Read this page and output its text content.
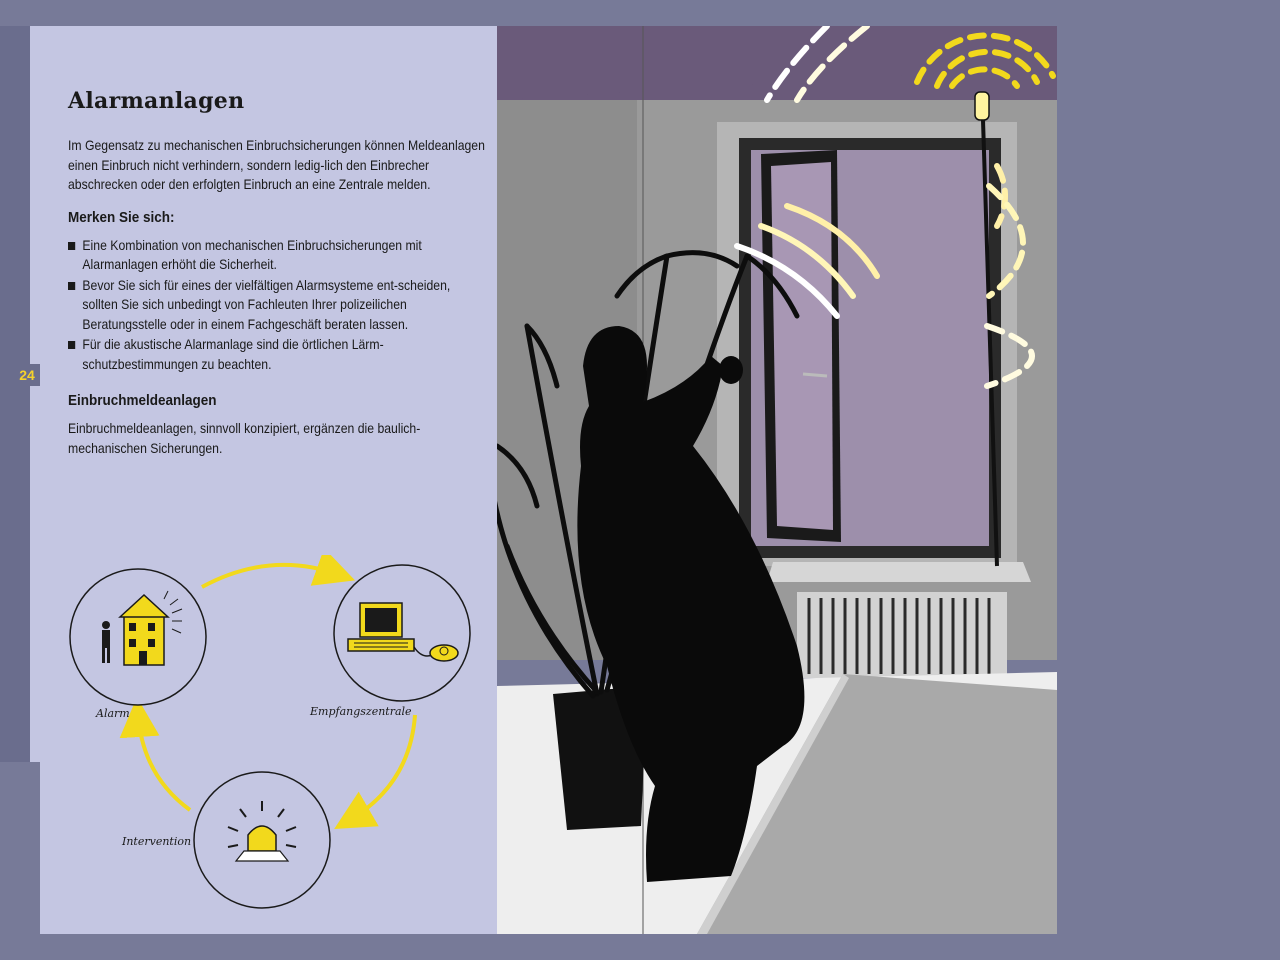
24
Alarmanlagen

Im Gegensatz zu mechanischen Einbruchsicherungen können Meldeanlagen einen Einbruch nicht verhindern, sondern ledig-lich den Einbrecher abschrecken oder den erfolgten Einbruch an eine Zentrale melden.

Merken Sie sich:
Eine Kombination von mechanischen Einbruchsicherungen mit Alarmanlagen erhöht die Sicherheit.
Bevor Sie sich für eines der vielfältigen Alarmsysteme ent-scheiden, sollten Sie sich unbedingt von Fachleuten Ihrer polizeilichen Beratungsstelle oder in einem Fachgeschäft beraten lassen.
Für die akustische Alarmanlage sind die örtlichen Lärm-schutzbestimmungen zu beachten.
Einbruchmeldeanlagen

Einbruchmeldeanlagen, sinnvoll konzipiert, ergänzen die baulich-mechanischen Sicherungen.

Alarm	Empfangszentrale
Intervention
